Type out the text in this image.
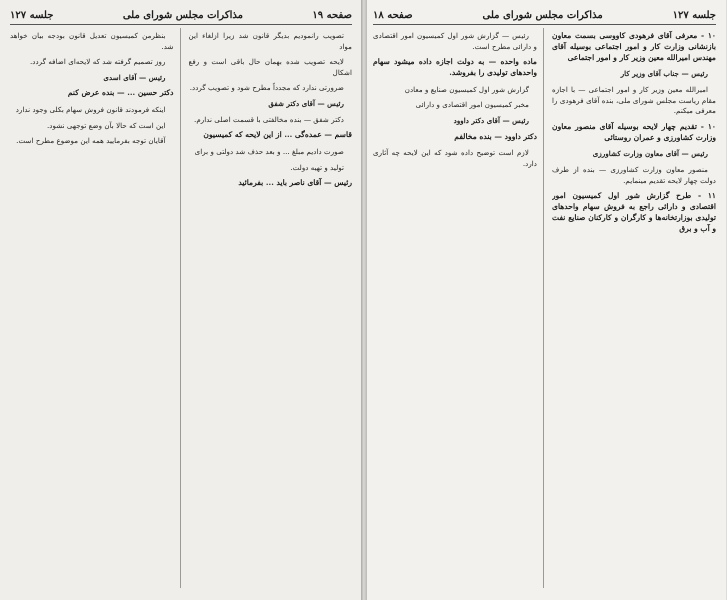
صفحه ۱۹
مذاکرات مجلس شورای ملی
جلسه ۱۲۷

تصویب رانمودیم بدیگر قانون شد زیرا ازلغاء این مواد

لایحه تصویب شده بهمان حال باقی است و رفع اشکال

ضرورتی ندارد که مجدداً مطرح شود و تصویب گردد.

رئیس — آقای دکتر شفق

دکتر شفق — بنده مخالفتی با قسمت اصلی ندارم.

قاسم — عمده‌گی ... از این لایحه که کمیسیون

صورت دادیم مبلغ ... و بعد حذف شد دولتی و برای

تولید و تهیه دولت.

رئیس — آقای ناصر باید ... بفرمائید

بنظرمن کمیسیون تعدیل قانون بودجه بیان خواهد شد.

روز تصمیم گرفته شد که لایحه‌ای اضافه گردد.

رئیس — آقای اسدی

دکتر حسین ... — بنده عرض کنم

اینکه فرمودند قانون فروش سهام بکلی وجود ندارد

این است که حالا بآن وضع توجهی نشود.

آقایان توجه بفرمایید همه این موضوع مطرح است.

جلسه ۱۲۷
مذاکرات مجلس شورای ملی
صفحه ۱۸

۱۰ - معرفی آقای فرهودی کاووسی بسمت معاون بازنشانی وزارت کار و امور اجتماعی بوسیله آقای مهندس امیرالله معین وزیر کار و امور اجتماعی

رئیس — جناب آقای وزیر کار

امیرالله معین وزیر کار و امور اجتماعی — با اجازه مقام ریاست مجلس شورای ملی، بنده آقای فرهودی را معرفی میکنم.

۱۰ - تقدیم چهار لایحه بوسیله آقای منصور معاون وزارت کشاورزی و عمران روستائی

رئیس — آقای معاون وزارت کشاورزی

منصور معاون وزارت کشاورزی — بنده از طرف دولت چهار لایحه تقدیم مینمایم.

۱۱ - طرح گزارش شور اول کمیسیون امور اقتصادی و دارائی راجع به فروش سهام واحدهای تولیدی بوزارتخانه‌ها و کارگران و کارکنان صنایع نفت و آب و برق

رئیس — گزارش شور اول کمیسیون امور اقتصادی و دارائی مطرح است.

ماده واحده — به دولت اجازه داده میشود سهام واحدهای تولیدی را بفروشد.

گزارش شور اول کمیسیون صنایع و معادن

مخبر کمیسیون امور اقتصادی و دارائی

رئیس — آقای دکتر داوود

دکتر داوود — بنده مخالفم

لازم است توضیح داده شود که این لایحه چه آثاری دارد.
